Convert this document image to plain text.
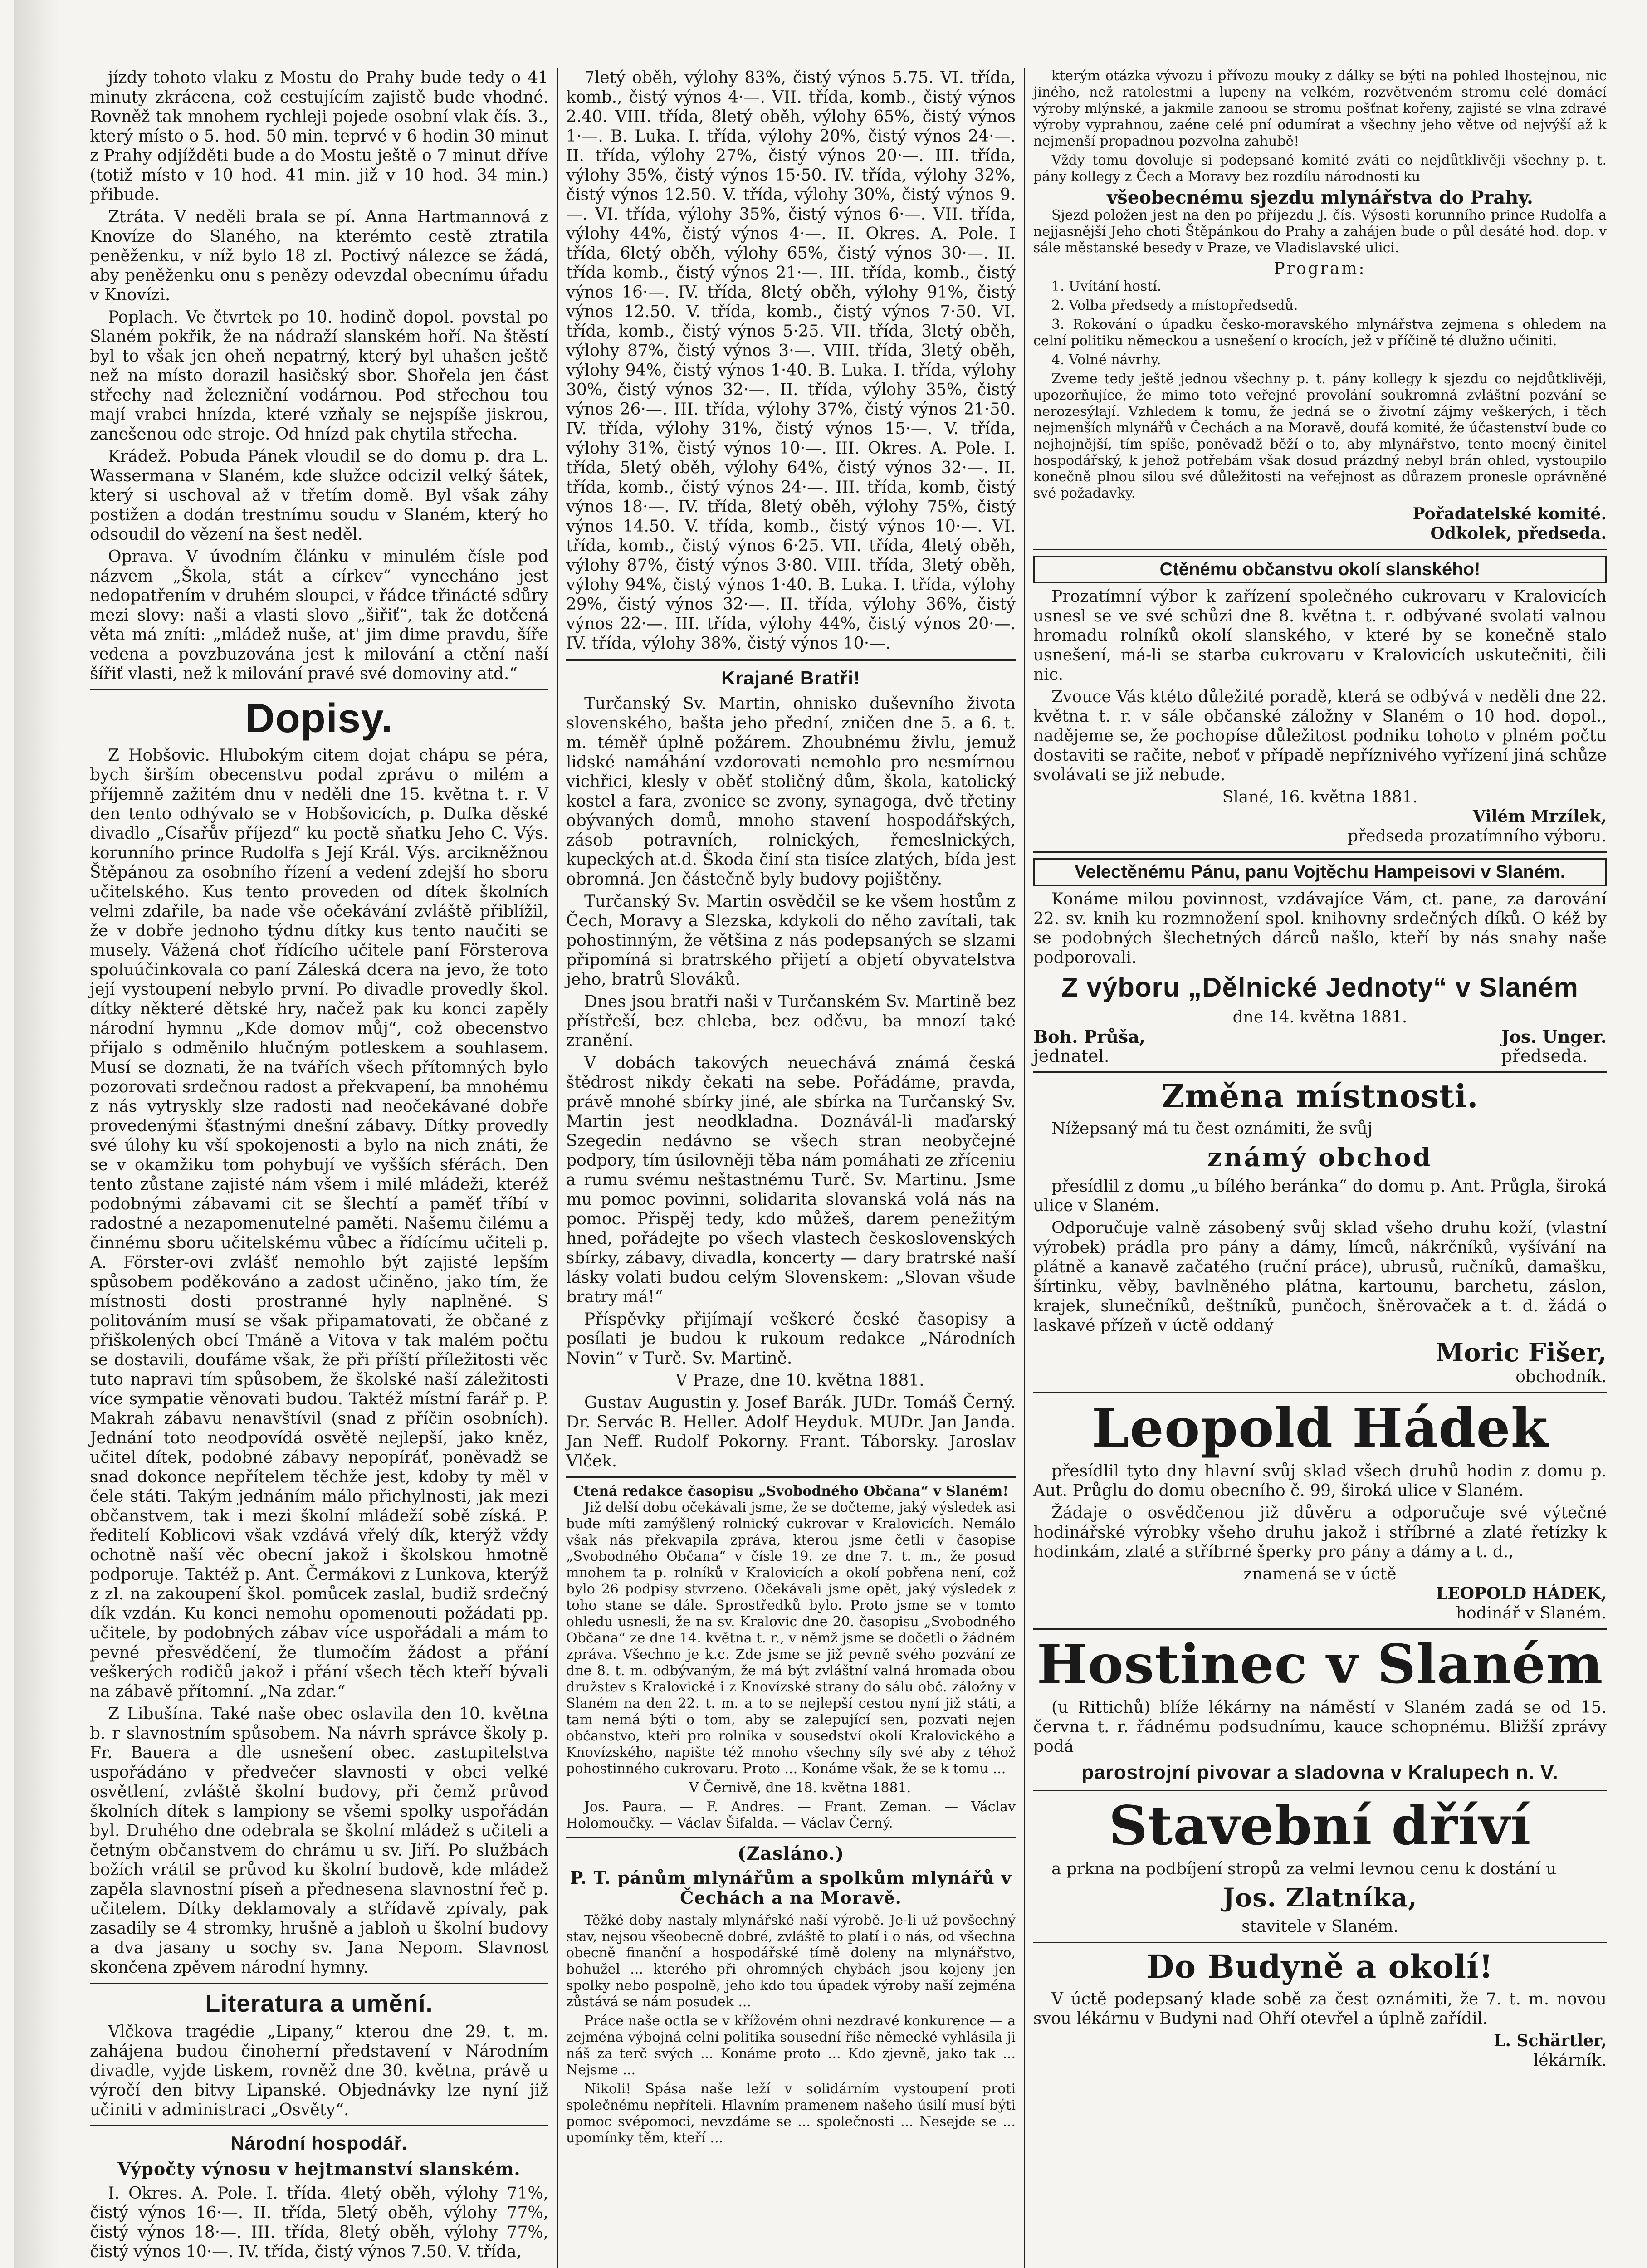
jízdy tohoto vlaku z Mostu do Prahy bude tedy o 41 minuty zkrácena, což cestujícím zajistě bude vhodné. Rovněž tak mnohem rychleji pojede osobní vlak čís. 3., který místo o 5. hod. 50 min. teprvé v 6 hodin 30 minut z Prahy odjížděti bude a do Mostu ještě o 7 minut dříve (totiž místo v 10 hod. 41 min. již v 10 hod. 34 min.) přibude.

Ztráta. V neděli brala se pí. Anna Hartmannová z Knovíze do Slaného, na kterémto cestě ztratila peněženku, v níž bylo 18 zl. Poctivý nálezce se žádá, aby peněženku onu s penězy odevzdal obecnímu úřadu v Knovízi.

Poplach. Ve čtvrtek po 10. hodině dopol. povstal po Slaném pokřik, že na nádraží slanském hoří. Na štěstí byl to však jen oheň nepatrný, který byl uhašen ještě než na místo dorazil hasičský sbor. Shořela jen část střechy nad železniční vodárnou. Pod střechou tou mají vrabci hnízda, které vzňaly se nejspíše jiskrou, zanešenou ode stroje. Od hnízd pak chytila střecha.

Krádež. Pobuda Pánek vloudil se do domu p. dra L. Wassermana v Slaném, kde služce odcizil velký šátek, který si uschoval až v třetím domě. Byl však záhy postižen a dodán trestnímu soudu v Slaném, který ho odsoudil do vězení na šest neděl.

Oprava. V úvodním článku v minulém čísle pod názvem „Škola, stát a církev“ vynecháno jest nedopatřením v druhém sloupci, v řádce třinácté sdůry mezi slovy: naši a vlasti slovo „šiřiť“, tak že dotčená věta má zníti: „mládež nuše, at' jim dime pravdu, šíře vedena a povzbuzována jest k milování a ctění naší šířiť vlasti, než k milování pravé své domoviny atd.“

Dopisy.

Z Hobšovic. Hlubokým citem dojat chápu se péra, bych širším obecenstvu podal zprávu o milém a příjemně zažitém dnu v neděli dne 15. května t. r. V den tento odhývalo se v Hobšovicích, p. Dufka děské divadlo „Císařův příjezd“ ku poctě sňatku Jeho C. Výs. korunního prince Rudolfa s Její Král. Výs. arcikněžnou Štěpánou za osobního řízení a vedení zdejší ho sboru učitelského. Kus tento proveden od dítek školních velmi zdařile, ba nade vše očekávání zvláště přiblížil, že v dobře jednoho týdnu dítky kus tento naučiti se musely. Vážená choť řídícího učitele paní Försterova spoluúčinkovala co paní Záleská dcera na jevo, že toto její vystoupení nebylo první. Po divadle provedly škol. dítky některé dětské hry, načež pak ku konci zapěly národní hymnu „Kde domov můj“, což obecenstvo přijalo s odměnilo hlučným potleskem a souhlasem. Musí se doznati, že na tvářích všech přítomných bylo pozorovati srdečnou radost a překvapení, ba mnohému z nás vytryskly slze radosti nad neočekávané dobře provedenými šťastnými dnešní zábavy. Dítky provedly své úlohy ku vší spokojenosti a bylo na nich znáti, že se v okamžiku tom pohybují ve vyšších sférách. Den tento zůstane zajisté nám všem i milé mládeži, kteréž podobnými zábavami cit se šlechtí a paměť tříbí v radostné a nezapomenutelné paměti. Našemu čilému a činnému sboru učitelskému vůbec a řídícímu učiteli p. A. Förster-ovi zvlášť nemohlo být zajisté lepším spůsobem poděkováno a zadost učiněno, jako tím, že místnosti dosti prostranné hyly naplněné. S politováním musí se však připamatovati, že občané z přiškolených obcí Tmáně a Vitova v tak malém počtu se dostavili, doufáme však, že při příští příležitosti věc tuto napravi tím spůsobem, že školské naší záležitosti více sympatie věnovati budou. Taktéž místní farář p. P. Makrah zábavu nenavštívil (snad z příčin osobních). Jednání toto neodpovídá osvětě nejlepší, jako kněz, učitel dítek, podobné zábavy nepopíráť, poněvadž se snad dokonce nepřítelem těchže jest, kdoby ty měl v čele státi. Takým jednáním málo přichylnosti, jak mezi občanstvem, tak i mezi školní mládeží sobě získá. P. ředitelí Koblicovi však vzdává vřelý dík, kterýž vždy ochotně naší věc obecní jakož i školskou hmotně podporuje. Taktéž p. Ant. Čermákovi z Lunkova, kterýž z zl. na zakoupení škol. pomůcek zaslal, budiž srdečný dík vzdán. Ku konci nemohu opomenouti požádati pp. učitele, by podobných zábav více uspořádali a mám to pevné přesvědčení, že tlumočím žádost a přání veškerých rodičů jakož i přání všech těch kteří bývali na zábavě přítomní. „Na zdar.“

Z Libušína. Také naše obec oslavila den 10. května b. r slavnostním spůsobem. Na návrh správce školy p. Fr. Bauera a dle usnešení obec. zastupitelstva uspořádáno v předvečer slavnosti v obci velké osvětlení, zvláště školní budovy, při čemž průvod školních dítek s lampiony se všemi spolky uspořádán byl. Druhého dne odebrala se školní mládež s učiteli a četným občanstvem do chrámu u sv. Jiří. Po službách božích vrátil se průvod ku školní budově, kde mládež zapěla slavnostní píseň a přednesena slavnostní řeč p. učitelem. Dítky deklamovaly a střídavě zpívaly, pak zasadily se 4 stromky, hrušně a jabloň u školní budovy a dva jasany u sochy sv. Jana Nepom. Slavnost skončena zpěvem národní hymny.

Literatura a umění.

Vlčkova tragédie „Lipany,“ kterou dne 29. t. m. zahájena budou činoherní představení v Národním divadle, vyjde tiskem, rovněž dne 30. května, právě u výročí den bitvy Lipanské. Objednávky lze nyní již učiniti v administraci „Osvěty“.

Národní hospodář.
Výpočty výnosu v hejtmanství slanském.

I. Okres. A. Pole. I. třída. 4letý oběh, výlohy 71%, čistý výnos 16·—. II. třída, 5letý oběh, výlohy 77%, čistý výnos 18·—. III. třída, 8letý oběh, výlohy 77%, čistý výnos 10·—. IV. třída, čistý výnos 7.50. V. třída,

7letý oběh, výlohy 83%, čistý výnos 5.75. VI. třída, komb., čistý výnos 4·—. VII. třída, komb., čistý výnos 2.40. VIII. třída, 8letý oběh, výlohy 65%, čistý výnos 1·—. B. Luka. I. třída, výlohy 20%, čistý výnos 24·—. II. třída, výlohy 27%, čistý výnos 20·—. III. třída, výlohy 35%, čistý výnos 15·50. IV. třída, výlohy 32%, čistý výnos 12.50. V. třída, výlohy 30%, čistý výnos 9.—. VI. třída, výlohy 35%, čistý výnos 6·—. VII. třída, výlohy 44%, čistý výnos 4·—. II. Okres. A. Pole. I třída, 6letý oběh, výlohy 65%, čistý výnos 30·—. II. třída komb., čistý výnos 21·—. III. třída, komb., čistý výnos 16·—. IV. třída, 8letý oběh, výlohy 91%, čistý výnos 12.50. V. třída, komb., čistý výnos 7·50. VI. třída, komb., čistý výnos 5·25. VII. třída, 3letý oběh, výlohy 87%, čistý výnos 3·—. VIII. třída, 3letý oběh, výlohy 94%, čistý výnos 1·40. B. Luka. I. třída, výlohy 30%, čistý výnos 32·—. II. třída, výlohy 35%, čistý výnos 26·—. III. třída, výlohy 37%, čistý výnos 21·50. IV. třída, výlohy 31%, čistý výnos 15·—. V. třída, výlohy 31%, čistý výnos 10·—. III. Okres. A. Pole. I. třída, 5letý oběh, výlohy 64%, čistý výnos 32·—. II. třída, komb., čistý výnos 24·—. III. třída, komb, čistý výnos 18·—. IV. třída, 8letý oběh, výlohy 75%, čistý výnos 14.50. V. třída, komb., čistý výnos 10·—. VI. třída, komb., čistý výnos 6·25. VII. třída, 4letý oběh, výlohy 87%, čistý výnos 3·80. VIII. třída, 3letý oběh, výlohy 94%, čistý výnos 1·40. B. Luka. I. třída, výlohy 29%, čistý výnos 32·—. II. třída, výlohy 36%, čistý výnos 22·—. III. třída, výlohy 44%, čistý výnos 20·—. IV. třída, výlohy 38%, čistý výnos 10·—.

Krajané Bratři!

Turčanský Sv. Martin, ohnisko duševního života slovenského, bašta jeho přední, zničen dne 5. a 6. t. m. téměř úplně požárem. Zhoubnému živlu, jemuž lidské namáhání vzdorovati nemohlo pro nesmírnou vichřici, klesly v oběť stoličný dům, škola, katolický kostel a fara, zvonice se zvony, synagoga, dvě třetiny obývaných domů, mnoho stavení hospodářských, zásob potravních, rolnických, řemeslnických, kupeckých at.d. Škoda činí sta tisíce zlatých, bída jest obromná. Jen částečně byly budovy pojištěny.

Turčanský Sv. Martin osvědčil se ke všem hostům z Čech, Moravy a Slezska, kdykoli do něho zavítali, tak pohostinným, že většina z nás podepsaných se slzami připomíná si bratrského přijetí a objetí obyvatelstva jeho, bratrů Slováků.

Dnes jsou bratři naši v Turčanském Sv. Martině bez přístřeší, bez chleba, bez oděvu, ba mnozí také zranění.

V dobách takových neuechává známá česká štědrost nikdy čekati na sebe. Pořádáme, pravda, právě mnohé sbírky jiné, ale sbírka na Turčanský Sv. Martin jest neodkladna. Doznávál-li maďarský Szegedin nedávno se všech stran neobyčejné podpory, tím úsilovněji těba nám pomáhati ze zříceniu a rumu svému neštastnému Turč. Sv. Martinu. Jsme mu pomoc povinni, solidarita slovanská volá nás na pomoc. Přispěj tedy, kdo můžeš, darem penežitým hned, pořádejte po všech vlastech československých sbírky, zábavy, divadla, koncerty — dary bratrské naší lásky volati budou celým Slovenskem: „Slovan všude bratry má!“

Příspěvky přijímají veškeré české časopisy a posílati je budou k rukoum redakce „Národních Novin“ v Turč. Sv. Martině.

V Praze, dne 10. května 1881.

Gustav Augustin y. Josef Barák. JUDr. Tomáš Černý. Dr. Servác B. Heller. Adolf Heyduk. MUDr. Jan Janda. Jan Neff. Rudolf Pokorny. Frant. Táborsky. Jaroslav Vlček.

Ctená redakce časopisu „Svobodného Občana“ v Slaném!

Již delší dobu očekávali jsme, že se dočteme, jaký výsledek asi bude míti zamýšlený rolnický cukrovar v Kralovicích. Nemálo však nás překvapila zpráva, kterou jsme četli v časopise „Svobodného Občana“ v čísle 19. ze dne 7. t. m., že posud mnohem ta p. rolníků v Kralovicích a okolí pobřena není, což bylo 26 podpisy stvrzeno. Očekávali jsme opět, jaký výsledek z toho stane se dále. Sprostředků bylo. Proto jsme se v tomto ohledu usnesli, že na sv. Kralovic dne 20. časopisu „Svobodného Občana“ ze dne 14. května t. r., v němž jsme se dočetli o žádném zpráva. Všechno je k.c. Zde jsme se již pevně svého pozvání ze dne 8. t. m. odbývaným, že má být zvláštní valná hromada obou družstev s Kralovické i z Knovízské strany do sálu obč. záložny v Slaném na den 22. t. m. a to se nejlepší cestou nyní již státi, a tam nemá býti o tom, aby se zalepující sen, pozvati nejen občanstvo, kteří pro rolníka v sousedství okolí Kralovického a Knovízského, napište též mnoho všechny síly své aby z téhož pohostinného cukrovaru. Proto ... Konáme však, že se k tomu ...

V Černivě, dne 18. května 1881.

Jos. Paura. — F. Andres. — Frant. Zeman. — Václav Holomoučky. — Václav Šifalda. — Václav Černý.

(Zasláno.)
P. T. pánům mlynářům a spolkům mlynářů v Čechách a na Moravě.

Těžké doby nastaly mlynářské naší výrobě. Je-li už povšechný stav, nejsou všeobecně dobré, zvláště to platí i o nás, od všechna obecně finanční a hospodářské tímě doleny na mlynářstvo, bohužel ... kterého při ohromných chybách jsou kojeny jen spolky nebo pospolně, jeho kdo tou úpadek výroby naší zejména zůstává se nám posudek ...

Práce naše octla se v křížovém ohni nezdravé konkurence — a zejména výbojná celní politika sousední říše německé vyhlásila ji náš za terč svých ... Konáme proto ... Kdo zjevně, jako tak ... Nejsme ...

Nikoli! Spása naše leží v solidárním vystoupení proti společnému nepříteli. Hlavním pramenem našeho úsilí musí býti pomoc svépomoci, nevzdáme se ... společnosti ... Nesejde se ... upomínky těm, kteří ...

kterým otázka vývozu i přívozu mouky z dálky se býti na pohled lhostejnou, nic jiného, než ratolestmi a lupeny na velkém, rozvětveném stromu celé domácí výroby mlýnské, a jakmile zanoou se stromu pošťnat kořeny, zajisté se vlna zdravé výroby vyprahnou, zaéne celé pní odumírat a všechny jeho větve od nejvýší až k nejmenší propadnou pozvolna zahubě!

Vždy tomu dovoluje si podepsané komité zváti co nejdůtklivěji všechny p. t. pány kollegy z Čech a Moravy bez rozdílu národnosti ku

všeobecnému sjezdu mlynářstva do Prahy.

Sjezd položen jest na den po příjezdu J. čís. Výsosti korunního prince Rudolfa a nejjasnější Jeho choti Štěpánkou do Prahy a zahájen bude o půl desáté hod. dop. v sále městanské besedy v Praze, ve Vladislavské ulici.

Program:

1. Uvítání hostí.

2. Volba předsedy a místopředsedů.

3. Rokování o úpadku česko-moravského mlynářstva zejmena s ohledem na celní politiku německou a usnešení o krocích, jež v příčině té dlužno učiniti.

4. Volné návrhy.

Zveme tedy ještě jednou všechny p. t. pány kollegy k sjezdu co nejdůtklivěji, upozorňujíce, že mimo toto veřejné provolání soukromná zvláštní pozvání se nerozesýlají. Vzhledem k tomu, že jedná se o životní zájmy veškerých, i těch nejmenších mlynářů v Čechách a na Moravě, doufá komité, že účastenství bude co nejhojnější, tím spíše, poněvadž běží o to, aby mlynářstvo, tento mocný činitel hospodářský, k jehož potřebám však dosud prázdný nebyl brán ohled, vystoupilo konečně plnou silou své důležitosti na veřejnost as důrazem pronesle oprávněné své požadavky.

Pořadatelské komité.
Odkolek, předseda.
Ctěnému občanstvu okolí slanského!

Prozatímní výbor k zařízení společného cukrovaru v Kralovicích usnesl se ve své schůzi dne 8. května t. r. odbývané svolati valnou hromadu rolníků okolí slanského, v které by se konečně stalo usnešení, má-li se starba cukrovaru v Kralovicích uskutečniti, čili nic.

Zvouce Vás ktéto důležité poradě, která se odbývá v neděli dne 22. května t. r. v sále občanské záložny v Slaném o 10 hod. dopol., nadějeme se, že pochopíse důležitost podniku tohoto v plném počtu dostaviti se račite, neboť v případě nepříznivého vyřízení jiná schůze svolávati se již nebude.

Slané, 16. května 1881.
Vilém Mrzílek,
předseda prozatímního výboru.
Velectěnému Pánu, panu Vojtěchu Hampeisovi v Slaném.

Konáme milou povinnost, vzdávajíce Vám, ct. pane, za darování 22. sv. knih ku rozmnožení spol. knihovny srdečných díků. O kéž by se podobných šlechetných dárců našlo, kteří by nás snahy naše podporovali.

Z výboru „Dělnické Jednoty“ v Slaném
dne 14. května 1881.
Boh. Průša,
jednatel.
Jos. Unger.
předseda.
Změna místnosti.

Nížepsaný má tu čest oznámiti, že svůj

známý obchod

přesídlil z domu „u bílého beránka“ do domu p. Ant. Průgla, široká ulice v Slaném.

Odporučuje valně zásobený svůj sklad všeho druhu koží, (vlastní výrobek) prádla pro pány a dámy, límců, nákrčníků, vyšívání na plátně a kanavě začatého (ruční práce), ubrusů, ručníků, damašku, šírtinku, věby, bavlněného plátna, kartounu, barchetu, záslon, krajek, slunečníků, deštníků, punčoch, šněrovaček a t. d. žádá o laskavé přízeň v úctě oddaný

Moric Fišer,
obchodník.
Leopold Hádek

přesídlil tyto dny hlavní svůj sklad všech druhů hodin z domu p. Aut. Průglu do domu obecního č. 99, široká ulice v Slaném.

Žádaje o osvědčenou již důvěru a odporučuje své výtečné hodinářské výrobky všeho druhu jakož i stříbrné a zlaté řetízky k hodinkám, zlaté a stříbrné šperky pro pány a dámy a t. d.,

znamená se v úctě
LEOPOLD HÁDEK,
hodinář v Slaném.
Hostinec v Slaném

(u Rittichů) blíže lékárny na náměstí v Slaném zadá se od 15. června t. r. řádnému podsudnímu, kauce schopnému. Bližší zprávy podá

parostrojní pivovar a sladovna v Kralupech n. V.
Stavební dříví

a prkna na podbíjení stropů za velmi levnou cenu k dostání u

Jos. Zlatníka,
stavitele v Slaném.
Do Budyně a okolí!

V úctě podepsaný klade sobě za čest oznámiti, že 7. t. m. novou svou lékárnu v Budyni nad Ohří otevřel a úplně zařídil.

L. Schärtler,
lékárník.
